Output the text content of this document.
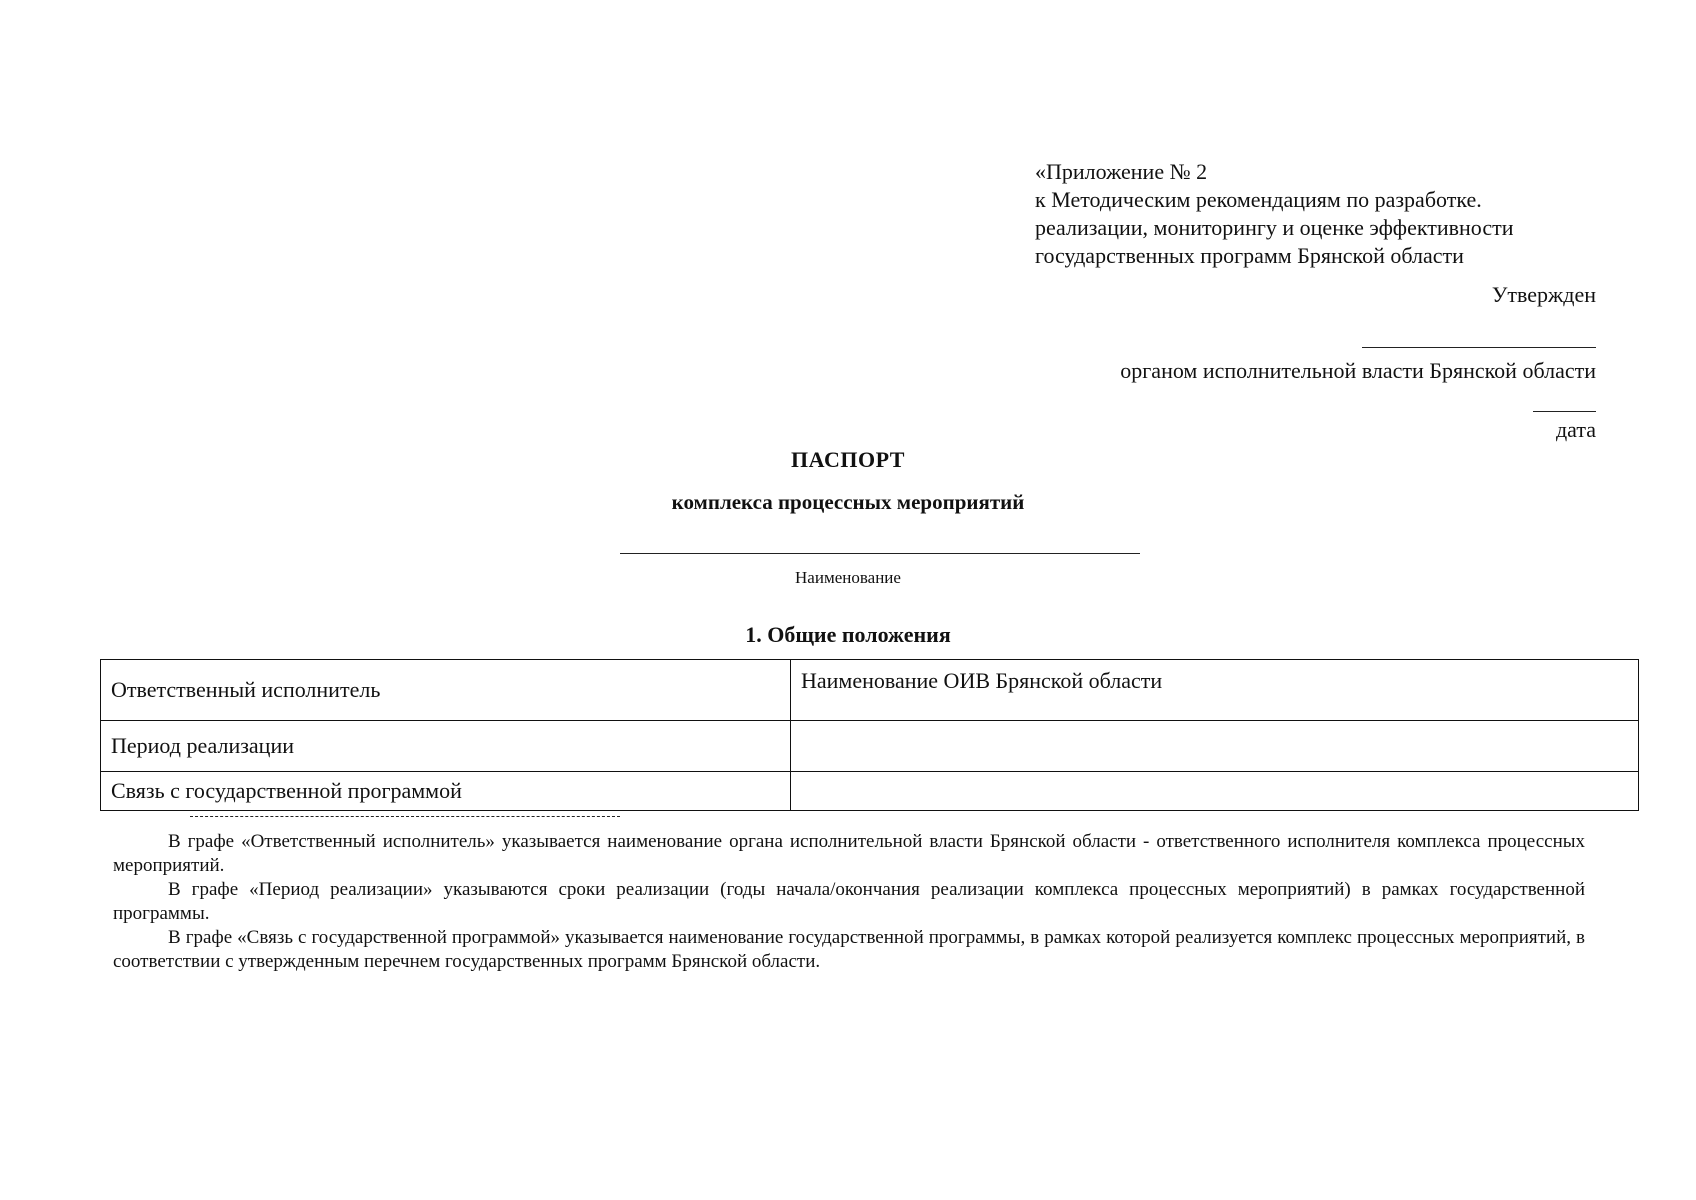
«Приложение № 2
к Методическим рекомендациям по разработке.
реализации, мониторингу и оценке эффективности
государственных программ Брянской области
Утвержден
органом исполнительной власти Брянской области
дата
ПАСПОРТ
комплекса процессных мероприятий
Наименование
1. Общие положения
Ответственный исполнитель	Наименование ОИВ Брянской области
Период реализации	
Связь с государственной программой	

В графе «Ответственный исполнитель» указывается наименование органа исполнительной власти Брянской области - ответственного исполнителя комплекса процессных мероприятий.

В графе «Период реализации» указываются сроки реализации (годы начала/окончания реализации комплекса процессных мероприятий) в рамках государственной программы.

В графе «Связь с государственной программой» указывается наименование государственной программы, в рамках которой реализуется комплекс процессных мероприятий, в соответствии с утвержденным перечнем государственных программ Брянской области.
